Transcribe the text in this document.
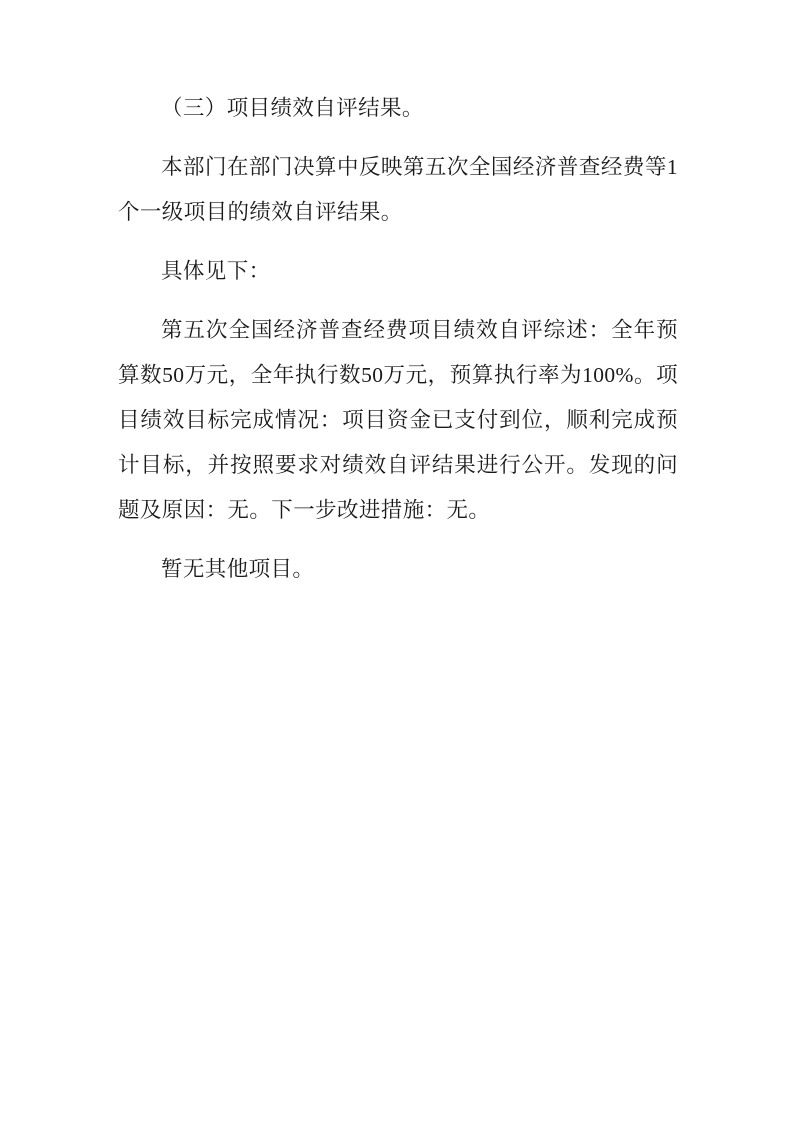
（三）项目绩效自评结果。

本部门在部门决算中反映第五次全国经济普查经费等1个一级项目的绩效自评结果。

具体见下：

第五次全国经济普查经费项目绩效自评综述：全年预算数50万元，全年执行数50万元，预算执行率为100%。项目绩效目标完成情况：项目资金已支付到位，顺利完成预计目标，并按照要求对绩效自评结果进行公开。发现的问题及原因：无。下一步改进措施：无。

暂无其他项目。
